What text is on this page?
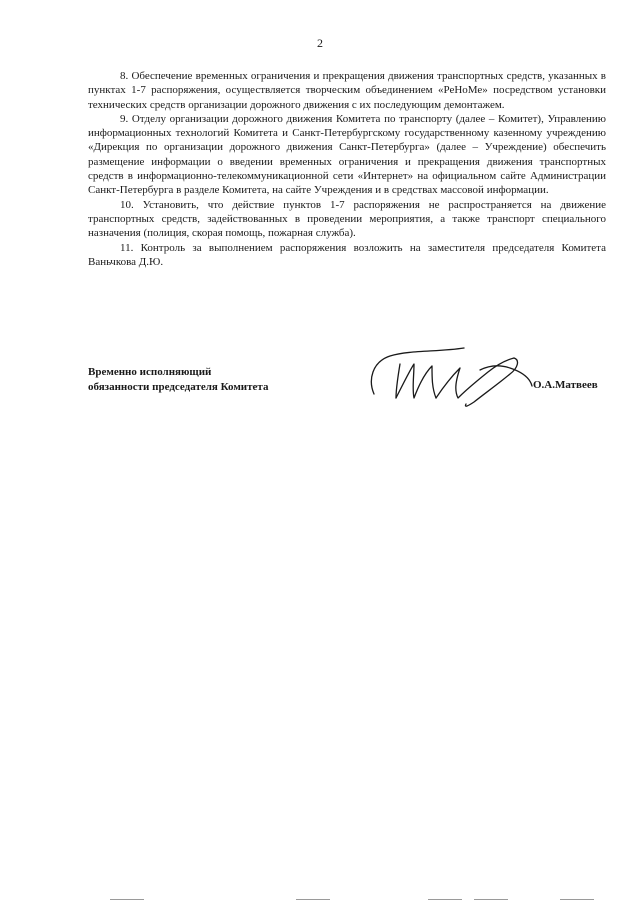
2

8. Обеспечение временных ограничения и прекращения движения транспортных средств, указанных в пунктах 1-7 распоряжения, осуществляется творческим объединением «РеНоМе» посредством установки технических средств организации дорожного движения с их последующим демонтажем.

9. Отделу организации дорожного движения Комитета по транспорту (далее – Комитет), Управлению информационных технологий Комитета и Санкт-Петербургскому государственному казенному учреждению «Дирекция по организации дорожного движения Санкт-Петербурга» (далее – Учреждение) обеспечить размещение информации о введении временных ограничения и прекращения движения транспортных средств в информационно-телекоммуникационной сети «Интернет» на официальном сайте Администрации Санкт-Петербурга в разделе Комитета, на сайте Учреждения и в средствах массовой информации.

10. Установить, что действие пунктов 1-7 распоряжения не распространяется на движение транспортных средств, задействованных в проведении мероприятия, а также транспорт специального назначения (полиция, скорая помощь, пожарная служба).

11. Контроль за выполнением распоряжения возложить на заместителя председателя Комитета Ваньчкова Д.Ю.

Временно исполняющий
обязанности председателя Комитета	О.А.Матвеев
